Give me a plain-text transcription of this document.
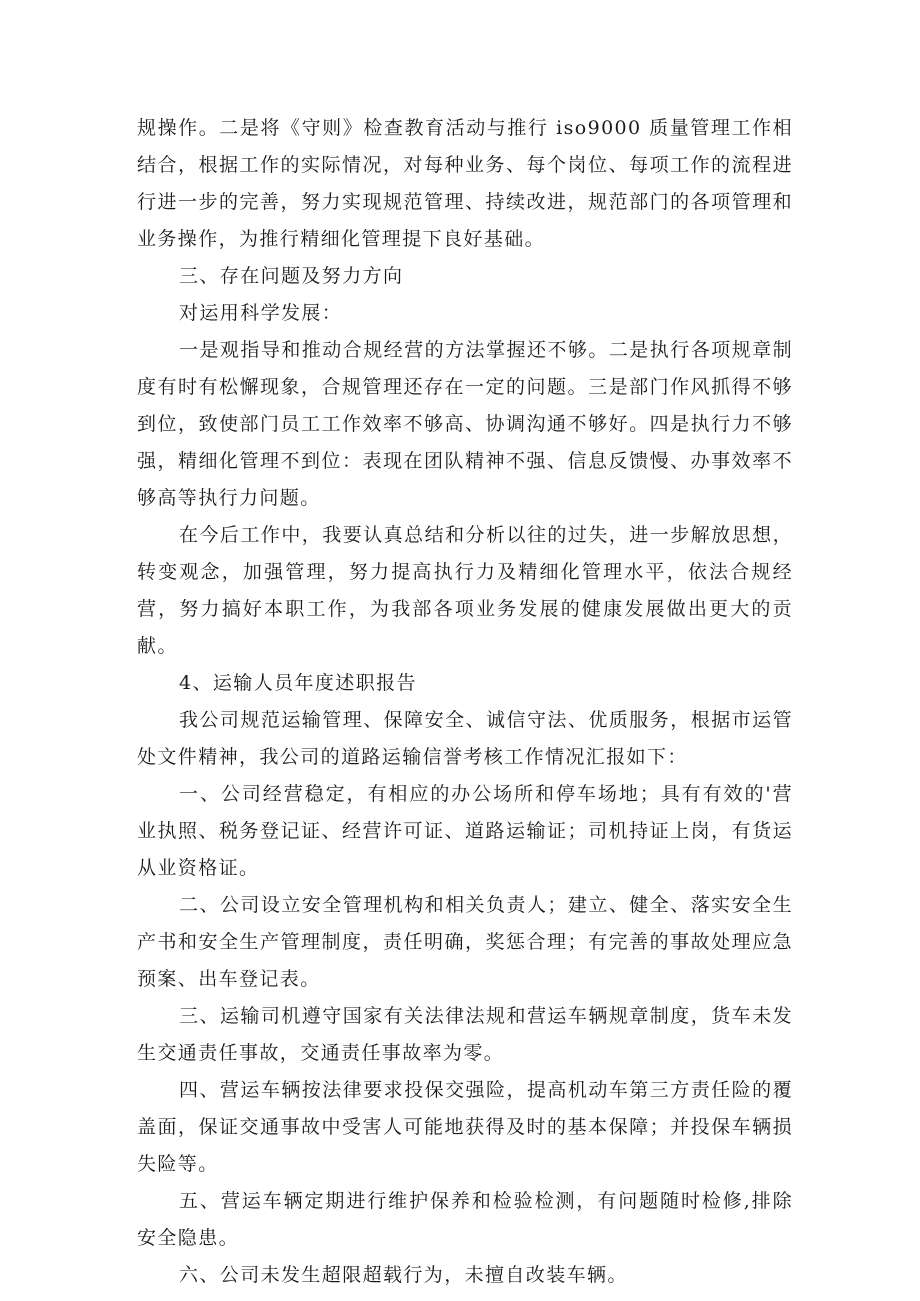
规操作。二是将《守则》检查教育活动与推行 iso9000 质量管理工作相结合，根据工作的实际情况，对每种业务、每个岗位、每项工作的流程进行进一步的完善，努力实现规范管理、持续改进，规范部门的各项管理和业务操作，为推行精细化管理提下良好基础。

三、存在问题及努力方向

对运用科学发展：

一是观指导和推动合规经营的方法掌握还不够。二是执行各项规章制度有时有松懈现象，合规管理还存在一定的问题。三是部门作风抓得不够到位，致使部门员工工作效率不够高、协调沟通不够好。四是执行力不够强，精细化管理不到位：表现在团队精神不强、信息反馈慢、办事效率不够高等执行力问题。

在今后工作中，我要认真总结和分析以往的过失，进一步解放思想，转变观念，加强管理，努力提高执行力及精细化管理水平，依法合规经营，努力搞好本职工作，为我部各项业务发展的健康发展做出更大的贡献。

4、运输人员年度述职报告

我公司规范运输管理、保障安全、诚信守法、优质服务，根据市运管处文件精神，我公司的道路运输信誉考核工作情况汇报如下：

一、公司经营稳定，有相应的办公场所和停车场地；具有有效的'营业执照、税务登记证、经营许可证、道路运输证；司机持证上岗，有货运从业资格证。

二、公司设立安全管理机构和相关负责人；建立、健全、落实安全生产书和安全生产管理制度，责任明确，奖惩合理；有完善的事故处理应急预案、出车登记表。

三、运输司机遵守国家有关法律法规和营运车辆规章制度，货车未发生交通责任事故，交通责任事故率为零。

四、营运车辆按法律要求投保交强险，提高机动车第三方责任险的覆盖面，保证交通事故中受害人可能地获得及时的基本保障；并投保车辆损失险等。

五、营运车辆定期进行维护保养和检验检测，有问题随时检修,排除安全隐患。

六、公司未发生超限超载行为，未擅自改装车辆。
